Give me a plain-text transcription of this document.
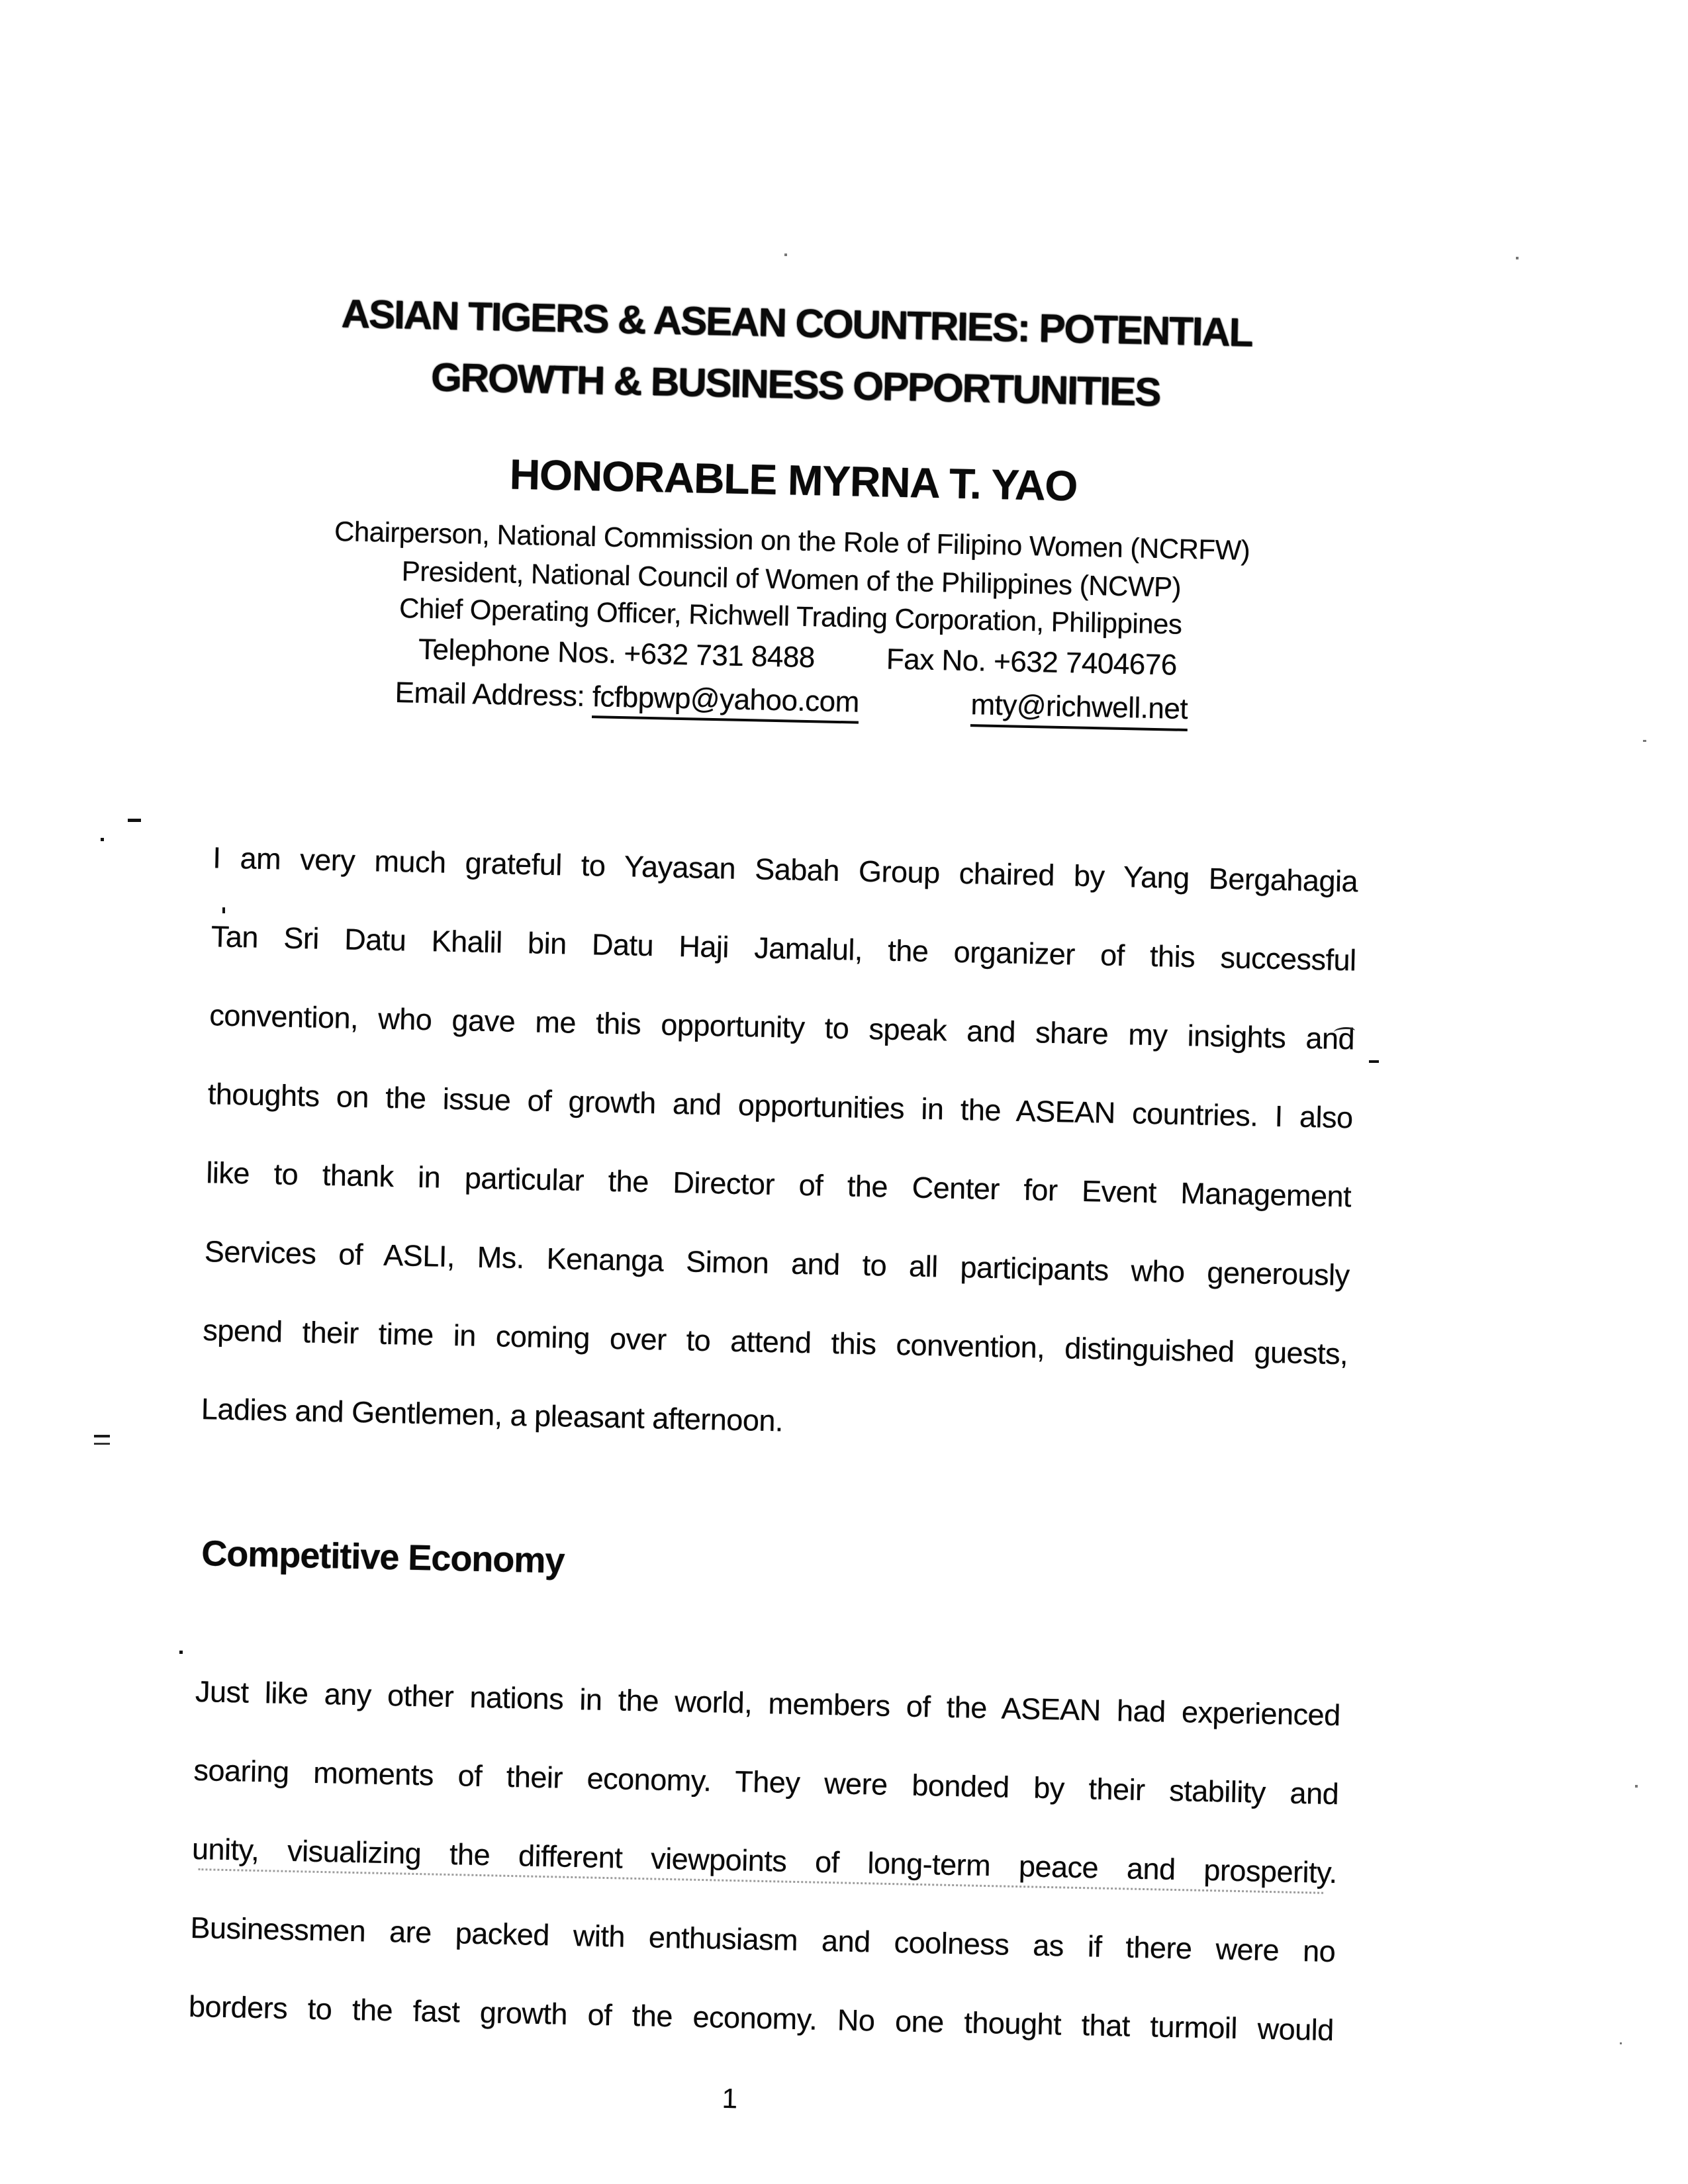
ASIAN TIGERS & ASEAN COUNTRIES: POTENTIAL
GROWTH & BUSINESS OPPORTUNITIES
HONORABLE MYRNA T. YAO
Chairperson, National Commission on the Role of Filipino Women (NCRFW)
President, National Council of Women of the Philippines (NCWP)
Chief Operating Officer, Richwell Trading Corporation, Philippines
Telephone Nos. +632 731 8488 Fax No. +632 7404676
Email Address: fcfbpwp@yahoo.com	mty@richwell.net
I am very much grateful to Yayasan Sabah Group chaired by Yang Bergahagia
Tan Sri Datu Khalil bin Datu Haji Jamalul, the organizer of this successful
convention, who gave me this opportunity to speak and share my insights and
thoughts on the issue of growth and opportunities in the ASEAN countries. I also
like to thank in particular the Director of the Center for Event Management
Services of ASLI, Ms. Kenanga Simon and to all participants who generously
spend their time in coming over to attend this convention, distinguished guests,
Ladies and Gentlemen, a pleasant afternoon.
Competitive Economy
Just like any other nations in the world, members of the ASEAN had experienced
soaring moments of their economy. They were bonded by their stability and
unity, visualizing the different viewpoints of long-term peace and prosperity.
Businessmen are packed with enthusiasm and coolness as if there were no
borders to the fast growth of the economy. No one thought that turmoil would
1
